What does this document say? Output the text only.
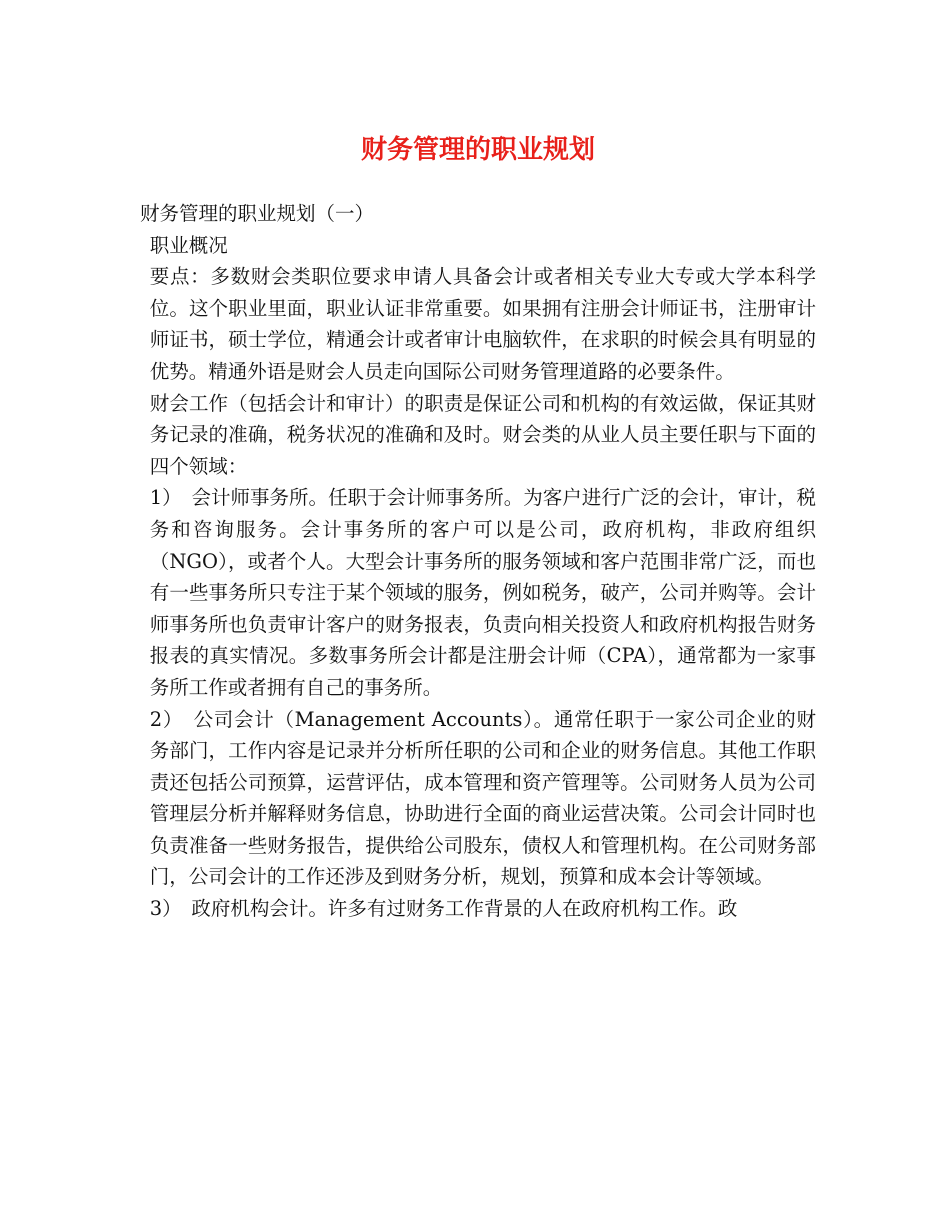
财务管理的职业规划

财务管理的职业规划（一）

职业概况

要点：多数财会类职位要求申请人具备会计或者相关专业大专或大学本科学位。这个职业里面，职业认证非常重要。如果拥有注册会计师证书，注册审计师证书，硕士学位，精通会计或者审计电脑软件，在求职的时候会具有明显的优势。精通外语是财会人员走向国际公司财务管理道路的必要条件。

财会工作（包括会计和审计）的职责是保证公司和机构的有效运做，保证其财务记录的准确，税务状况的准确和及时。财会类的从业人员主要任职与下面的四个领域：

1）　会计师事务所。任职于会计师事务所。为客户进行广泛的会计，审计，税务和咨询服务。会计事务所的客户可以是公司，政府机构，非政府组织（NGO），或者个人。大型会计事务所的服务领域和客户范围非常广泛，而也有一些事务所只专注于某个领域的服务，例如税务，破产，公司并购等。会计师事务所也负责审计客户的财务报表，负责向相关投资人和政府机构报告财务报表的真实情况。多数事务所会计都是注册会计师（CPA），通常都为一家事务所工作或者拥有自己的事务所。

2）　公司会计（Management Accounts）。通常任职于一家公司企业的财务部门，工作内容是记录并分析所任职的公司和企业的财务信息。其他工作职责还包括公司预算，运营评估，成本管理和资产管理等。公司财务人员为公司管理层分析并解释财务信息，协助进行全面的商业运营决策。公司会计同时也负责准备一些财务报告，提供给公司股东，债权人和管理机构。在公司财务部门，公司会计的工作还涉及到财务分析，规划，预算和成本会计等领域。

3）　政府机构会计。许多有过财务工作背景的人在政府机构工作。政
